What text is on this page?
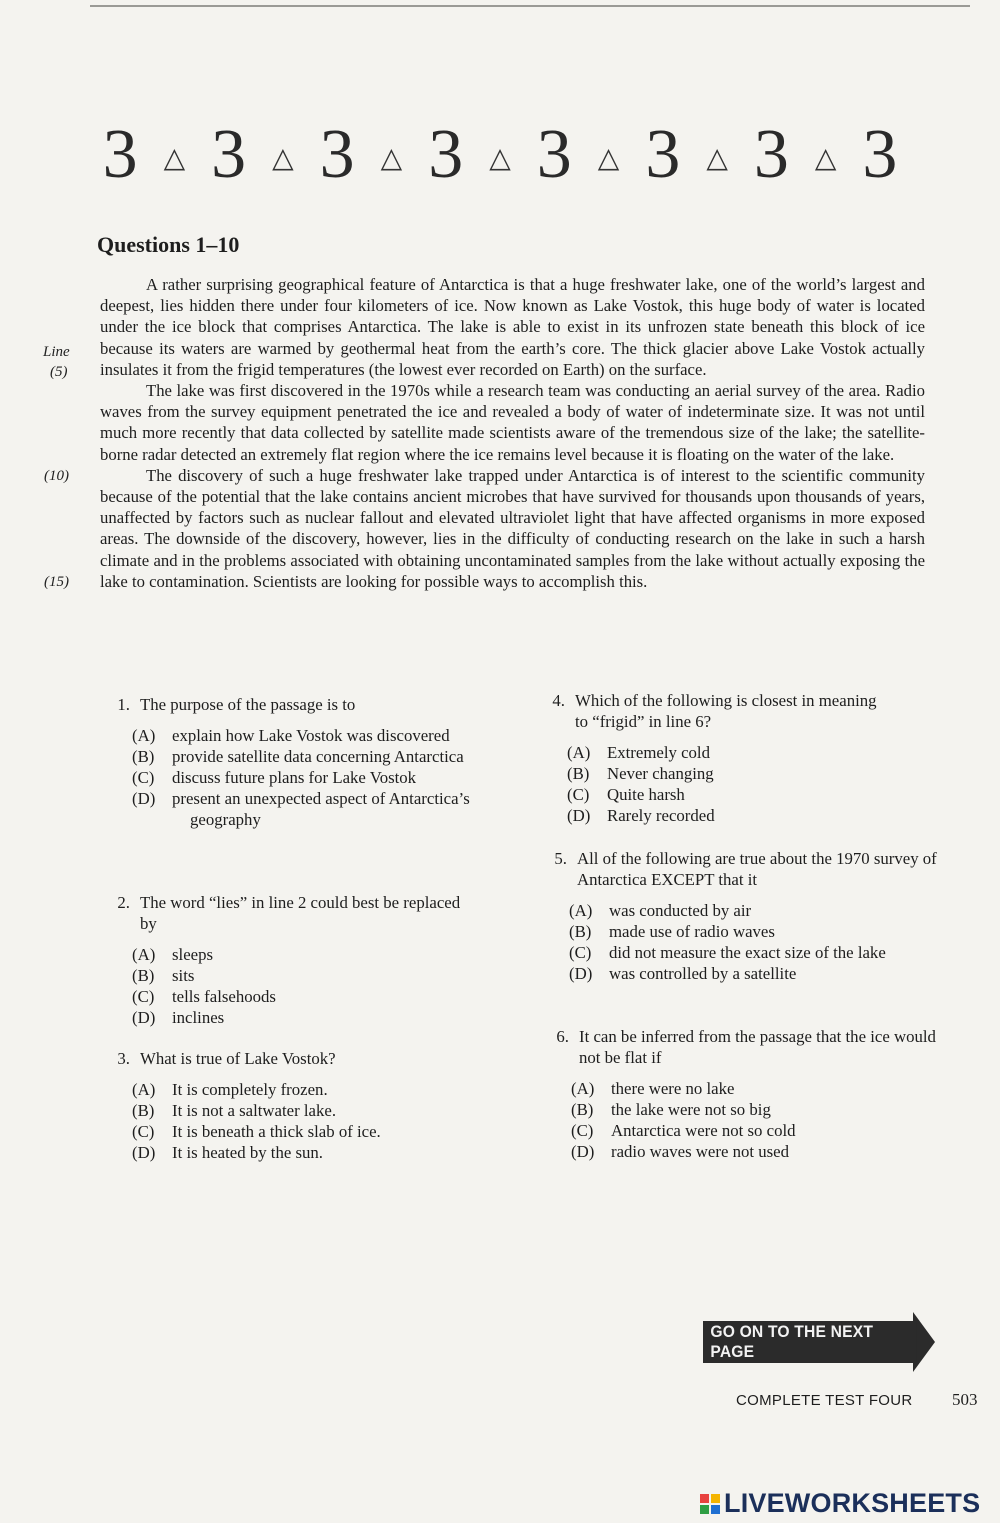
3 △ 3 △ 3 △ 3 △ 3 △ 3 △ 3 △ 3
Questions 1–10
Line
(5)
(10)
(15)

A rather surprising geographical feature of Antarctica is that a huge freshwater lake, one of the world’s largest and deepest, lies hidden there under four kilometers of ice. Now known as Lake Vostok, this huge body of water is located under the ice block that comprises Antarctica. The lake is able to exist in its unfrozen state beneath this block of ice because its waters are warmed by geothermal heat from the earth’s core. The thick glacier above Lake Vostok actually insulates it from the frigid temperatures (the lowest ever recorded on Earth) on the surface.

The lake was first discovered in the 1970s while a research team was conducting an aerial survey of the area. Radio waves from the survey equipment penetrated the ice and revealed a body of water of indeterminate size. It was not until much more recently that data collected by satellite made scientists aware of the tremendous size of the lake; the satellite-borne radar detected an extremely flat region where the ice remains level because it is floating on the water of the lake.

The discovery of such a huge freshwater lake trapped under Antarctica is of interest to the scientific community because of the potential that the lake contains ancient microbes that have survived for thousands upon thousands of years, unaffected by factors such as nuclear fallout and elevated ultraviolet light that have affected organisms in more exposed areas. The downside of the discovery, however, lies in the difficulty of conducting research on the lake in such a harsh climate and in the problems associated with obtaining uncontaminated samples from the lake without actually exposing the lake to contamination. Scientists are looking for possible ways to accomplish this.

1. The purpose of the passage is to
(A) explain how Lake Vostok was discovered
(B)	provide satellite data concerning Antarctica
(C)	discuss future plans for Lake Vostok
(D) present an unexpected aspect of Antarctica’s geography
2. The word “lies” in line 2 could best be replaced by
(A) sleeps
(B)	sits
(C)	tells falsehoods
(D) inclines
3. What is true of Lake Vostok?
(A) It is completely frozen.
(B)	It is not a saltwater lake.
(C)	It is beneath a thick slab of ice.
(D) It is heated by the sun.
4. Which of the following is closest in meaning to “frigid” in line 6?
(A) Extremely cold
(B)	Never changing
(C)	Quite harsh
(D) Rarely recorded
5. All of the following are true about the 1970 survey of Antarctica EXCEPT that it
(A) was conducted by air
(B)	made use of radio waves
(C)	did not measure the exact size of the lake
(D) was controlled by a satellite
6. It can be inferred from the passage that the ice would not be flat if
(A) there were no lake
(B)	the lake were not so big
(C)	Antarctica were not so cold
(D) radio waves were not used
GO ON TO THE NEXT PAGE
COMPLETE TEST FOUR 503
LIVEWORKSHEETS
